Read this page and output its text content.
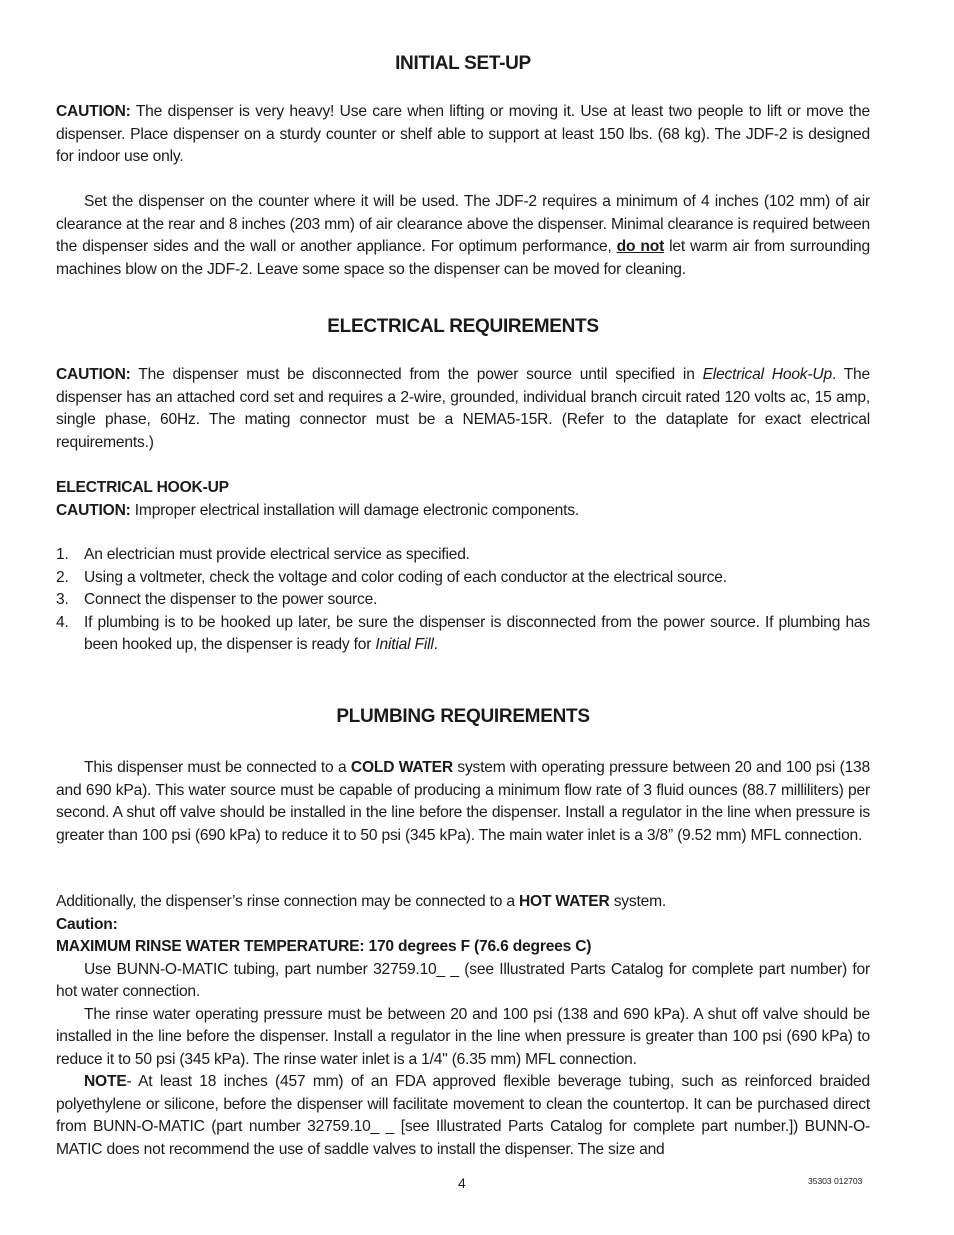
INITIAL SET-UP
CAUTION: The dispenser is very heavy! Use care when lifting or moving it. Use at least two people to lift or move the dispenser. Place dispenser on a sturdy counter or shelf able to support at least 150 lbs. (68 kg). The JDF-2 is designed for indoor use only.
Set the dispenser on the counter where it will be used. The JDF-2 requires a minimum of 4 inches (102 mm) of air clearance at the rear and 8 inches (203 mm) of air clearance above the dispenser. Minimal clearance is required between the dispenser sides and the wall or another appliance. For optimum performance, do not let warm air from surrounding machines blow on the JDF-2. Leave some space so the dispenser can be moved for cleaning.
ELECTRICAL REQUIREMENTS
CAUTION: The dispenser must be disconnected from the power source until specified in Electrical Hook-Up. The dispenser has an attached cord set and requires a 2-wire, grounded, individual branch circuit rated 120 volts ac, 15 amp, single phase, 60Hz. The mating connector must be a NEMA5-15R. (Refer to the dataplate for exact electrical requirements.)
ELECTRICAL HOOK-UP
CAUTION: Improper electrical installation will damage electronic components.
1. An electrician must provide electrical service as specified.
2. Using a voltmeter, check the voltage and color coding of each conductor at the electrical source.
3. Connect the dispenser to the power source.
4. If plumbing is to be hooked up later, be sure the dispenser is disconnected from the power source. If plumbing has been hooked up, the dispenser is ready for Initial Fill.
PLUMBING REQUIREMENTS
This dispenser must be connected to a COLD WATER system with operating pressure between 20 and 100 psi (138 and 690 kPa). This water source must be capable of producing a minimum flow rate of 3 fluid ounces (88.7 milliliters) per second. A shut off valve should be installed in the line before the dispenser. Install a regulator in the line when pressure is greater than 100 psi (690 kPa) to reduce it to 50 psi (345 kPa). The main water inlet is a 3/8” (9.52 mm) MFL connection.
Additionally, the dispenser’s rinse connection may be connected to a HOT WATER system.
Caution:
MAXIMUM RINSE WATER TEMPERATURE: 170 degrees F (76.6 degrees C)
Use BUNN-O-MATIC tubing, part number 32759.10_ _ (see Illustrated Parts Catalog for complete part number) for hot water connection.
The rinse water operating pressure must be between 20 and 100 psi (138 and 690 kPa). A shut off valve should be installed in the line before the dispenser. Install a regulator in the line when pressure is greater than 100 psi (690 kPa) to reduce it to 50 psi (345 kPa). The rinse water inlet is a 1/4" (6.35 mm) MFL connection.
NOTE- At least 18 inches (457 mm) of an FDA approved flexible beverage tubing, such as reinforced braided polyethylene or silicone, before the dispenser will facilitate movement to clean the countertop. It can be purchased direct from BUNN-O-MATIC (part number 32759.10_ _ [see Illustrated Parts Catalog for complete part number.]) BUNN-O-MATIC does not recommend the use of saddle valves to install the dispenser. The size and
4	35303 012703
